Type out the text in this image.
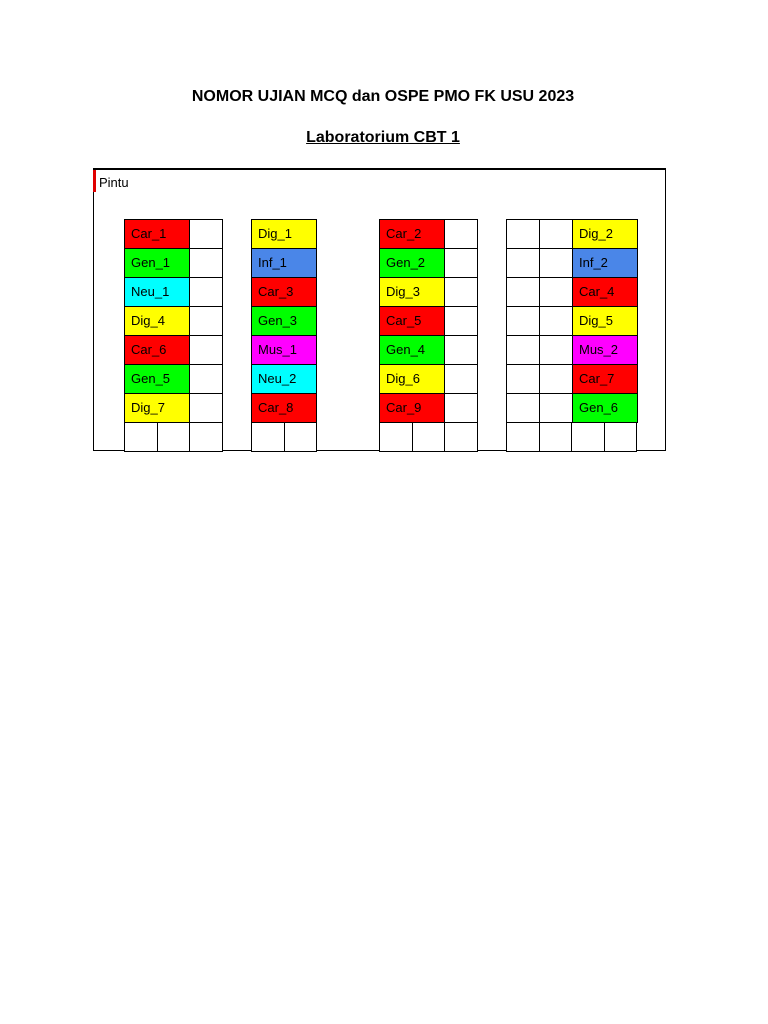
NOMOR UJIAN MCQ dan OSPE PMO FK USU 2023
Laboratorium CBT 1
Pintu
Car_1
Gen_1
Neu_1
Dig_4
Car_6
Gen_5
Dig_7
Dig_1
Inf_1
Car_3
Gen_3
Mus_1
Neu_2
Car_8
Car_2
Gen_2
Dig_3
Car_5
Gen_4
Dig_6
Car_9
Dig_2
Inf_2
Car_4
Dig_5
Mus_2
Car_7
Gen_6
